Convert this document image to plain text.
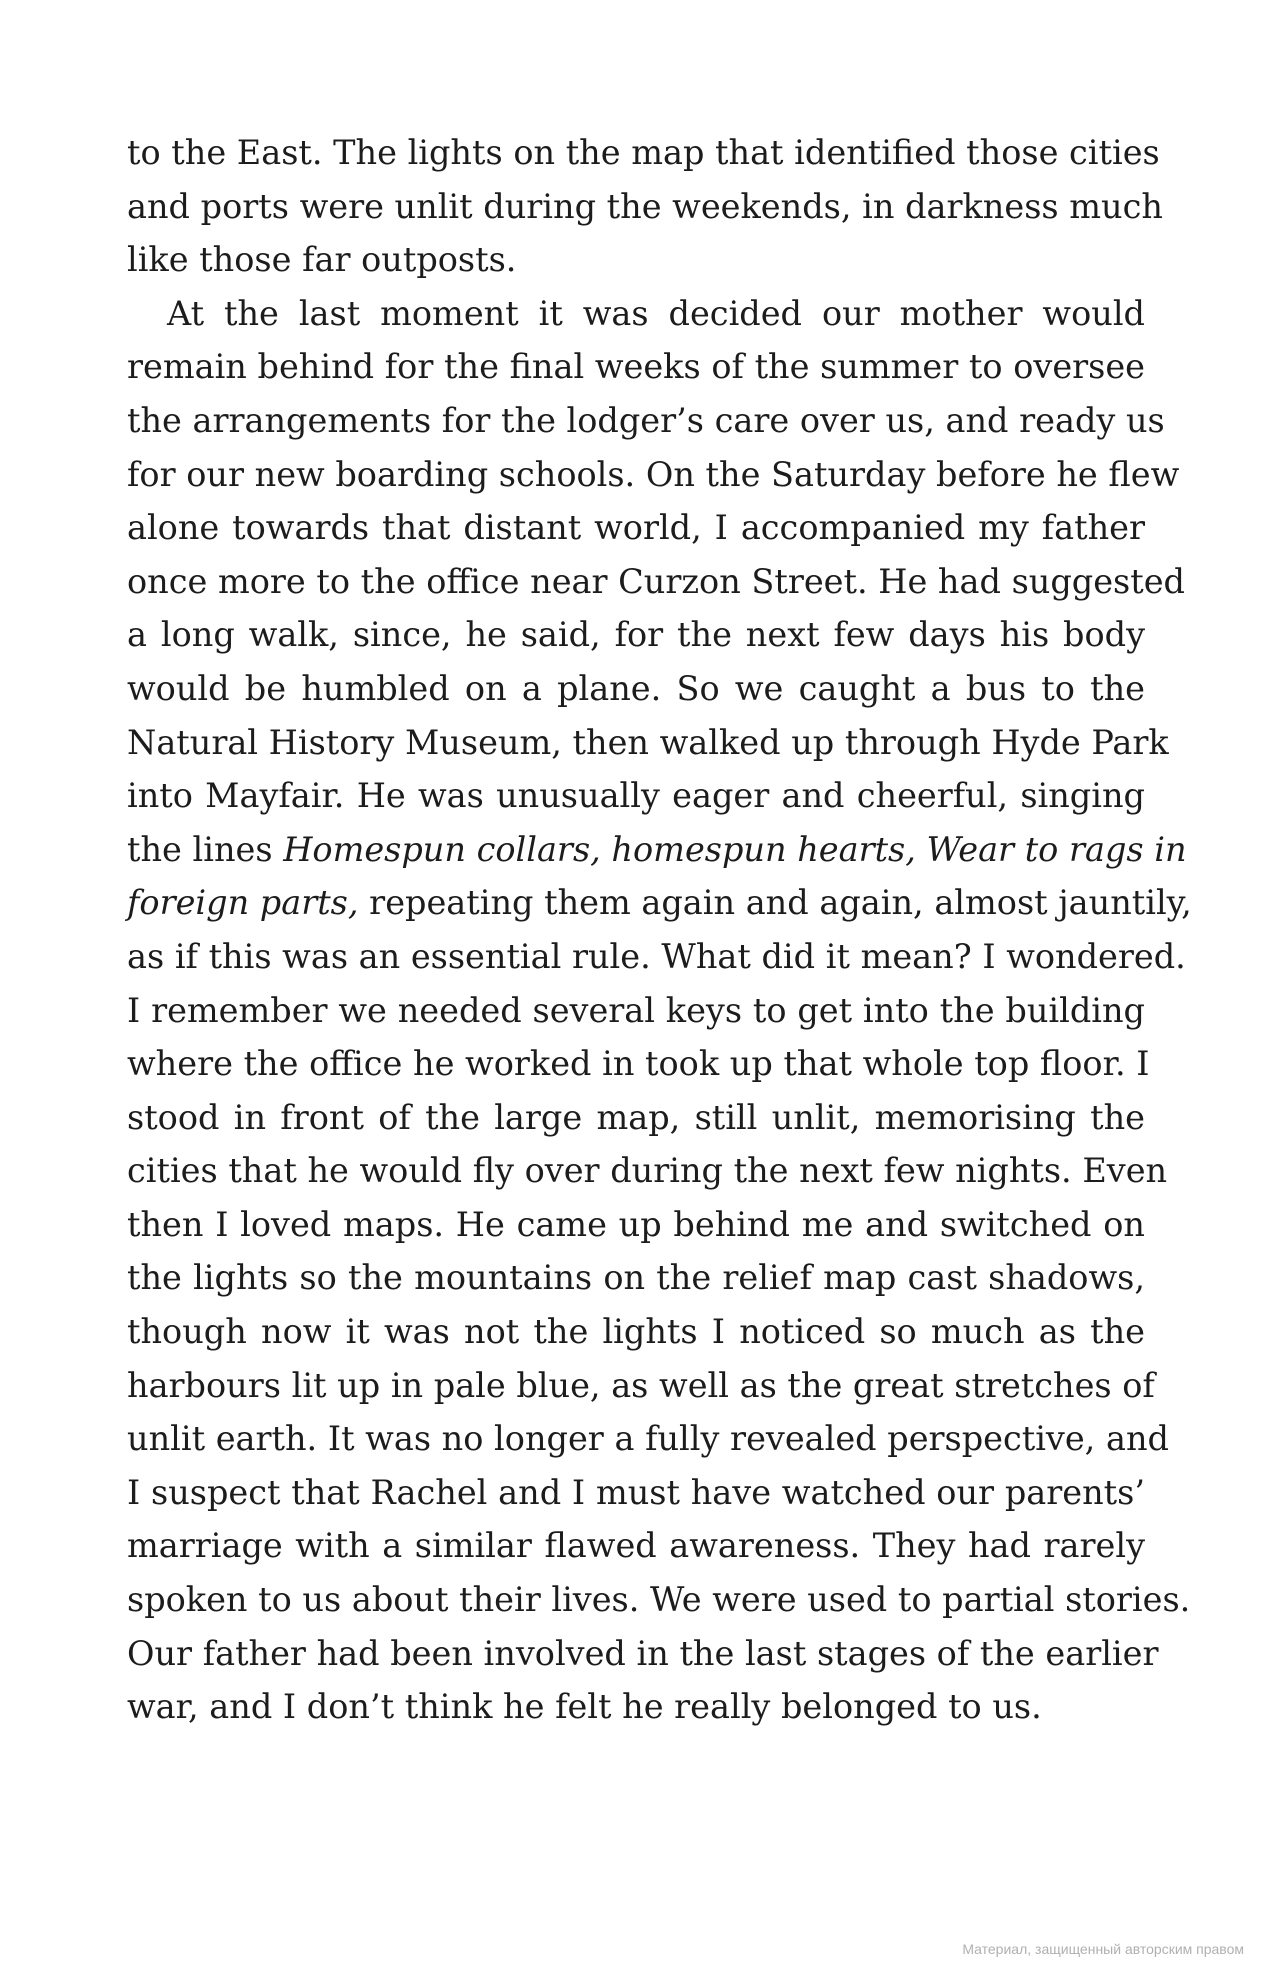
to the East. The lights on the map that identified those cities
and ports were unlit during the weekends, in darkness much
like those far outposts.
At the last moment it was decided our mother would
remain behind for the final weeks of the summer to oversee
the arrangements for the lodger’s care over us, and ready us
for our new boarding schools. On the Saturday before he flew
alone towards that distant world, I accompanied my father
once more to the office near Curzon Street. He had suggested
a long walk, since, he said, for the next few days his body
would be humbled on a plane. So we caught a bus to the
Natural History Museum, then walked up through Hyde Park
into Mayfair. He was unusually eager and cheerful, singing
the lines Homespun collars, homespun hearts, Wear to rags in
foreign parts, repeating them again and again, almost jauntily,
as if this was an essential rule. What did it mean? I wondered.
I remember we needed several keys to get into the building
where the office he worked in took up that whole top floor. I
stood in front of the large map, still unlit, memorising the
cities that he would fly over during the next few nights. Even
then I loved maps. He came up behind me and switched on
the lights so the mountains on the relief map cast shadows,
though now it was not the lights I noticed so much as the
harbours lit up in pale blue, as well as the great stretches of
unlit earth. It was no longer a fully revealed perspective, and
I suspect that Rachel and I must have watched our parents’
marriage with a similar flawed awareness. They had rarely
spoken to us about their lives. We were used to partial stories.
Our father had been involved in the last stages of the earlier
war, and I don’t think he felt he really belonged to us.
Материал, защищенный авторским правом
